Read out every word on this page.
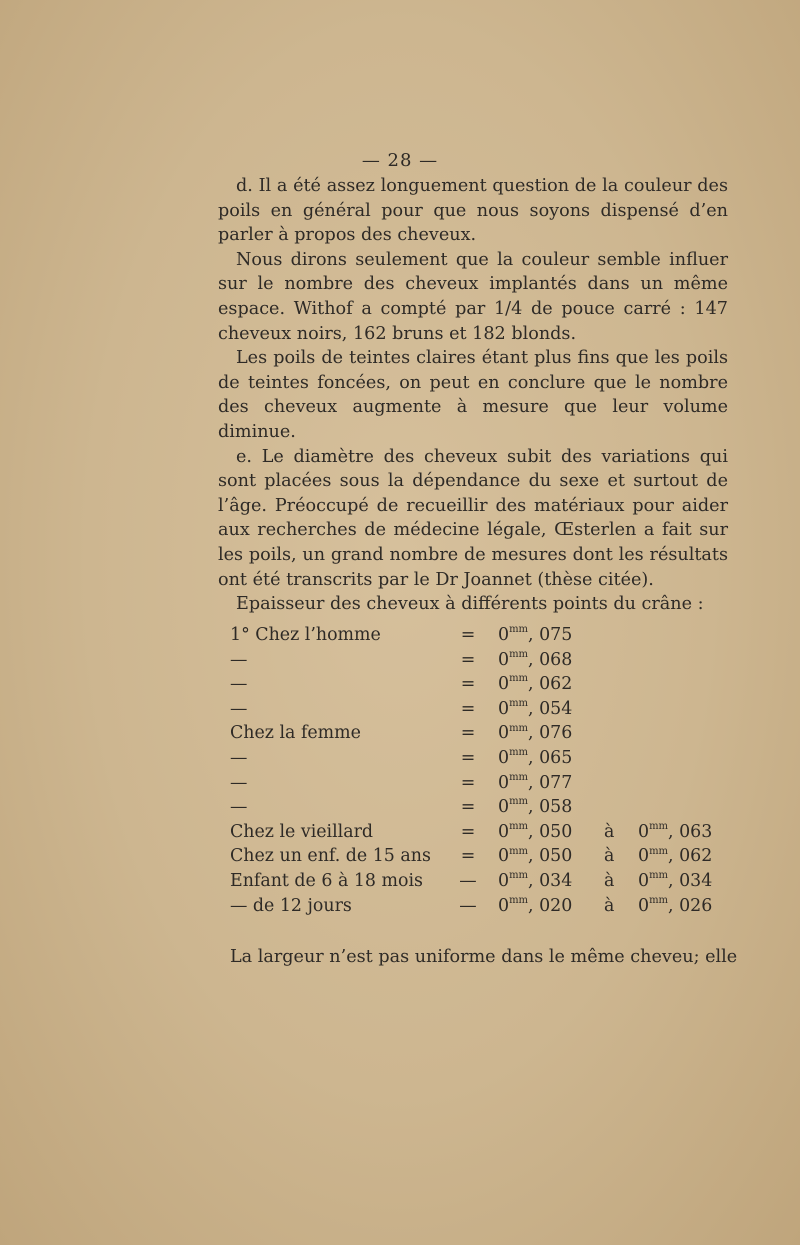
— 28 —

d. Il a été assez longuement question de la couleur des poils en général pour que nous soyons dispensé d’en parler à propos des cheveux.

Nous dirons seulement que la couleur semble influer sur le nombre des cheveux implantés dans un même espace. Withof a compté par 1/4 de pouce carré : 147 cheveux noirs, 162 bruns et 182 blonds.

Les poils de teintes claires étant plus fins que les poils de teintes foncées, on peut en conclure que le nombre des cheveux augmente à mesure que leur volume diminue.

e. Le diamètre des cheveux subit des variations qui sont placées sous la dépendance du sexe et surtout de l’âge. Préoccupé de recueillir des matériaux pour aider aux recherches de médecine légale, Œsterlen a fait sur les poils, un grand nombre de mesures dont les résultats ont été transcrits par le Dr Joannet (thèse citée).

Epaisseur des cheveux à différents points du crâne :

1° Chez l’homme	=	$0^{mm}$, 075
—	=	$0^{mm}$, 068
—	=	$0^{mm}$, 062
—	=	$0^{mm}$, 054
Chez la femme	=	$0^{mm}$, 076
—	=	$0^{mm}$, 065
—	=	$0^{mm}$, 077
—	=	$0^{mm}$, 058
Chez le vieillard	=	$0^{mm}$, 050 à $0^{mm}$, 063
Chez un enf. de 15 ans	=	$0^{mm}$, 050 à $0^{mm}$, 062
Enfant de 6 à 18 mois	—	$0^{mm}$, 034 à $0^{mm}$, 034
— de 12 jours	—	$0^{mm}$, 020 à $0^{mm}$, 026
La largeur n’est pas uniforme dans le même cheveu; elle
